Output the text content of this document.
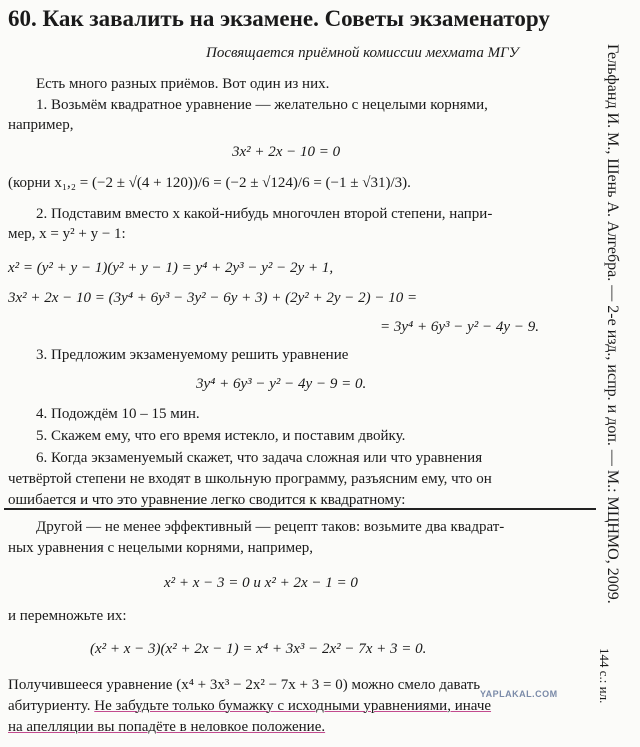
60. Как завалить на экзамене. Советы экзаменатору
Посвящается приёмной комиссии мехмата МГУ
Есть много разных приёмов. Вот один из них.
1. Возьмём квадратное уравнение — желательно с нецелыми корнями,
например,
3x² + 2x − 10 = 0
(корни x₁,₂ = (−2 ± √(4 + 120))/6 = (−2 ± √124)/6 = (−1 ± √31)/3).
2. Подставим вместо x какой-нибудь многочлен второй степени, напри-
мер, x = y² + y − 1:
x² = (y² + y − 1)(y² + y − 1) = y⁴ + 2y³ − y² − 2y + 1,
3x² + 2x − 10 = (3y⁴ + 6y³ − 3y² − 6y + 3) + (2y² + 2y − 2) − 10 =
= 3y⁴ + 6y³ − y² − 4y − 9.
3. Предложим экзаменуемому решить уравнение
3y⁴ + 6y³ − y² − 4y − 9 = 0.
4. Подождём 10 – 15 мин.
5. Скажем ему, что его время истекло, и поставим двойку.
6. Когда экзаменуемый скажет, что задача сложная или что уравнения
четвёртой степени не входят в школьную программу, разъясним ему, что он
ошибается и что это уравнение легко сводится к квадратному:
Другой — не менее эффективный — рецепт таков: возьмите два квадрат-
ных уравнения с нецелыми корнями, например,
x² + x − 3 = 0 и x² + 2x − 1 = 0
и перемножьте их:
(x² + x − 3)(x² + 2x − 1) = x⁴ + 3x³ − 2x² − 7x + 3 = 0.
Получившееся уравнение (x⁴ + 3x³ − 2x² − 7x + 3 = 0) можно смело давать
абитуриенту. Не забудьте только бумажку с исходными уравнениями, иначе
на апелляции вы попадёте в неловкое положение.
Гельфанд И. М., Шень А. Алгебра. — 2-е изд., испр. и доп. — М.: МЦНМО, 2009.
144 с.: ил.
YAPLAKAL.COM
